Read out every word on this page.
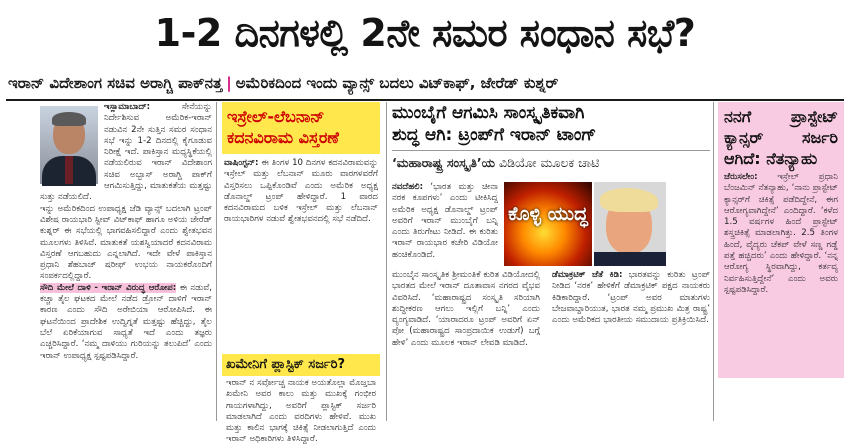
1-2 ದಿನಗಳಲ್ಲಿ 2ನೇ ಸಮರ ಸಂಧಾನ ಸಭೆ?
ಇರಾನ್ ವಿದೇಶಾಂಗ ಸಚಿವ ಅರಾಗ್ಚಿ ಪಾಕ್‌ನತ್ತ | ಅಮೆರಿಕದಿಂದ ಇಂದು ವ್ಯಾನ್ಸ್ ಬದಲು ವಿಟ್‌ಕಾಫ್, ಜೇರೆಡ್ ಕುಶ್ನರ್
ಇಸ್ಲಾಮಾಬಾದ್:	ಸೇನೆಯನ್ನು ನಿರ್ದೇಶಿಸುವ ಅಮೆರಿಕ-ಇರಾನ್ ನಡುವಿನ 2ನೇ ಸುತ್ತಿನ ಸಮರ ಸಂಧಾನ ಸಭೆ ಇನ್ನು 1-2 ದಿನದಲ್ಲಿ ಕೈಗೂಡುವ ನಿರೀಕ್ಷೆ ಇದೆ. ಪಾಕಿಸ್ತಾನ ಮಧ್ಯಸ್ಥಿಕೆಯಲ್ಲಿ ನಡೆಯಲಿರುವ ಇರಾನ್ ವಿದೇಶಾಂಗ ಸಚಿವ ಅಬ್ಬಾಸ್ ಅರಾಗ್ಚಿ ಪಾಕ್‌ಗೆ ಆಗಮಿಸುತ್ತಿದ್ದು, ಮಾತುಕತೆಯ ಮತ್ತಷ್ಟು ಸುತ್ತು ನಡೆಯಲಿದೆ.
ಇನ್ನು ಅಮೆರಿಕದಿಂದ ಉಪಾಧ್ಯಕ್ಷ ಜೆಡಿ ವ್ಯಾನ್ಸ್ ಬದಲಾಗಿ ಟ್ರಂಪ್ ವಿಶೇಷ ರಾಯಭಾರಿ ಸ್ಟೀವ್ ವಿಟ್‌ಕಾಫ್ ಹಾಗೂ ಅಳಿಯ ಜೇರೆಡ್ ಕುಶ್ನರ್ ಈ ಸಭೆಯಲ್ಲಿ ಭಾಗವಹಿಸಲಿದ್ದಾರೆ ಎಂದು ಶ್ವೇತಭವನ ಮೂಲಗಳು ತಿಳಿಸಿವೆ. ಮಾತುಕತೆ ಯಶಸ್ವಿಯಾದರೆ ಕದನವಿರಾಮ ವಿಸ್ತರಣೆ ಆಗಬಹುದು ಎನ್ನಲಾಗಿದೆ. ಇದೇ ವೇಳೆ ಪಾಕಿಸ್ತಾನ ಪ್ರಧಾನಿ ಶೆಹಬಾಜ್ ಷರೀಫ್ ಉಭಯ ನಾಯಕರೊಂದಿಗೆ ಸಂಪರ್ಕದಲ್ಲಿದ್ದಾರೆ.
ಸೌದಿ ಮೇಲೆ ದಾಳಿ - ಇರಾನ್ ವಿರುದ್ಧ ಆರೋಪ: ಈ ನಡುವೆ, ಕಚ್ಚಾ ತೈಲ ಘಟಕದ ಮೇಲೆ ನಡೆದ ಡ್ರೋನ್ ದಾಳಿಗೆ ಇರಾನ್ ಕಾರಣ ಎಂದು ಸೌದಿ ಅರೇಬಿಯಾ ಆರೋಪಿಸಿದೆ. ಈ ಘಟನೆಯಿಂದ ಪ್ರಾದೇಶಿಕ ಉದ್ವಿಗ್ನತೆ ಮತ್ತಷ್ಟು ಹೆಚ್ಚಿದ್ದು, ತೈಲ ಬೆಲೆ ಏರಿಕೆಯಾಗುವ ಸಾಧ್ಯತೆ ಇದೆ ಎಂದು ತಜ್ಞರು ಎಚ್ಚರಿಸಿದ್ದಾರೆ. ‘ನಮ್ಮ ದಾಳಿಯು ಗುರಿಯನ್ನು ತಲುಪಿದೆ’ ಎಂದು ಇರಾನ್ ಉಪಾಧ್ಯಕ್ಷ ಸ್ಪಷ್ಟಪಡಿಸಿದ್ದಾರೆ.
ಇಸ್ರೇಲ್-ಲೆಬನಾನ್ ಕದನವಿರಾಮ ವಿಸ್ತರಣೆ
ವಾಷಿಂಗ್ಟನ್: ಈ ತಿಂಗಳ 10 ದಿನಗಳ ಕದನವಿರಾಮವನ್ನು ಇಸ್ರೇಲ್ ಮತ್ತು ಲೆಬನಾನ್ ಮೂರು ವಾರಗಳವರೆಗೆ ವಿಸ್ತರಿಸಲು ಒಪ್ಪಿಕೊಂಡಿವೆ ಎಂದು ಅಮೆರಿಕ ಅಧ್ಯಕ್ಷ ಡೊನಾಲ್ಡ್ ಟ್ರಂಪ್ ಹೇಳಿದ್ದಾರೆ. 1 ವಾರದ ಕದನವಿರಾಮದ ಬಳಿಕ ಇಸ್ರೇಲ್ ಮತ್ತು ಲೆಬನಾನ್ ರಾಯಭಾರಿಗಳ ನಡುವೆ ಶ್ವೇತಭವನದಲ್ಲಿ ಸಭೆ ನಡೆದಿದೆ.
ಖಮೇನಿಗೆ ಪ್ಲಾಸ್ಟಿಕ್ ಸರ್ಜರಿ?
ಇರಾನ್ ನ ಸರ್ವೋಚ್ಚ ನಾಯಕ ಅಯತೊಲ್ಲಾ ಮೊಜ್ತಬಾ ಖಮೇನಿ ಅವರ ಕಾಲು ಮತ್ತು ಮುಖಕ್ಕೆ ಗಂಭೀರ ಗಾಯಗಳಾಗಿದ್ದು, ಅವರಿಗೆ ಪ್ಲಾಸ್ಟಿಕ್ ಸರ್ಜರಿ ಮಾಡಲಾಗಿದೆ ಎಂದು ವರದಿಗಳು ಹೇಳಿವೆ. ಮುಖ ಮತ್ತು ಕಾಲಿನ ಭಾಗಕ್ಕೆ ಚಿಕಿತ್ಸೆ ನೀಡಲಾಗುತ್ತಿದೆ ಎಂದು ಇರಾನ್ ಅಧಿಕಾರಿಗಳು ತಿಳಿಸಿದ್ದಾರೆ.
ಮುಂಬೈಗೆ ಆಗಮಿಸಿ ಸಾಂಸ್ಕೃತಿಕವಾಗಿ
ಶುದ್ಧ ಆಗಿ: ಟ್ರಂಪ್‌ಗೆ ಇರಾನ್ ಟಾಂಗ್
‘ಮಹಾರಾಷ್ಟ್ರ ಸಂಸ್ಕೃತಿ’ಯ ವಿಡಿಯೋ ಮೂಲಕ ಚಾಟಿ
ನವದೆಹಲಿ: ‘ಭಾರತ ಮತ್ತು ಚೀನಾ ನರಕ ಕೂಪಗಳು’ ಎಂದು ಟೀಕಿಸಿದ್ದ ಅಮೆರಿಕ ಅಧ್ಯಕ್ಷ ಡೊನಾಲ್ಡ್ ಟ್ರಂಪ್ ಅವರಿಗೆ ಇರಾನ್ ಮುಂಬೈಗೆ ಬನ್ನಿ ಎಂದು ತಿರುಗೇಟು ನೀಡಿದೆ. ಈ ಕುರಿತು ಇರಾನ್ ರಾಯಭಾರ ಕಚೇರಿ ವಿಡಿಯೋ ಹಂಚಿಕೊಂಡಿದೆ.
ಕೊಳ್ಳಿ ಯುದ್ಧ
ಮುಂಬೈನ ಸಾಂಸ್ಕೃತಿಕ ಶ್ರೀಮಂತಿಕೆ ಕುರಿತ ವಿಡಿಯೋದಲ್ಲಿ ಭಾರತದ ಮೇಲೆ ಇರಾನ್ ದೂತಾವಾಸ ನಗರದ ವೈಭವ ವಿವರಿಸಿದೆ. ‘ಮಹಾರಾಷ್ಟ್ರದ ಸಂಸ್ಕೃತಿ ಸರಿಯಾಗಿ ಶುದ್ಧೀಕರಣ ಆಗಲು ಇಲ್ಲಿಗೆ ಬನ್ನಿ’ ಎಂದು ವ್ಯಂಗ್ಯವಾಡಿದೆ. ‘ಯಾರಾದರೂ ಟ್ರಂಪ್ ಅವರಿಗೆ ಏನ್ ಪೋ (ಮಹಾರಾಷ್ಟ್ರದ ಸಾಂಪ್ರದಾಯಿಕ ಉಡುಗೆ) ಬಗ್ಗೆ ಹೇಳಿ’ ಎಂದು ಮೂಲಕ ಇರಾನ್ ಲೇವಡಿ ಮಾಡಿದೆ.
ಡೆಮಾಕ್ರಟಿಕ್ ಜೆತೆ ಕಿಡಿ: ಭಾರತವನ್ನು ಕುರಿತು ಟ್ರಂಪ್ ನೀಡಿದ ‘ನರಕ’ ಹೇಳಿಕೆಗೆ ಡೆಮಾಕ್ರಟಿಕ್ ಪಕ್ಷದ ನಾಯಕರು ಕಿಡಿಕಾರಿದ್ದಾರೆ. ‘ಟ್ರಂಪ್ ಅವರ ಮಾತುಗಳು ಬೇಜವಾಬ್ದಾರಿಯುತ, ಭಾರತ ನಮ್ಮ ಪ್ರಮುಖ ಮಿತ್ರ ರಾಷ್ಟ್ರ’ ಎಂದು ಅಮೆರಿಕದ ಭಾರತೀಯ ಸಮುದಾಯ ಪ್ರತಿಕ್ರಿಯಿಸಿದೆ.
ನನಗೆ ಪ್ರಾಸ್ಟೇಟ್ ಕ್ಯಾನ್ಸರ್ ಸರ್ಜರಿ ಆಗಿದೆ: ನೆತನ್ಯಾಹು
ಜೆರುಸಲೇಂ: ಇಸ್ರೇಲ್ ಪ್ರಧಾನಿ ಬೆಂಜಮಿನ್ ನೆತನ್ಯಾಹು, ‘ನಾನು ಪ್ರಾಸ್ಟೇಟ್ ಕ್ಯಾನ್ಸರ್‌ಗೆ ಚಿಕಿತ್ಸೆ ಪಡೆದಿದ್ದೇನೆ, ಈಗ ಆರೋಗ್ಯವಾಗಿದ್ದೇನೆ’ ಎಂದಿದ್ದಾರೆ. ‘ಕಳೆದ 1.5 ವರ್ಷಗಳ ಹಿಂದೆ ಪ್ರಾಸ್ಟೇಟ್ ಶಸ್ತ್ರಚಿಕಿತ್ಸೆ ಮಾಡಲಾಗಿತ್ತು. 2.5 ತಿಂಗಳ ಹಿಂದೆ, ವೈದ್ಯರು ಚೆಕಪ್ ವೇಳೆ ಸಣ್ಣ ಗಡ್ಡೆ ಪತ್ತೆ ಹಚ್ಚಿದರು’ ಎಂದು ಹೇಳಿದ್ದಾರೆ. ‘ನನ್ನ ಆರೋಗ್ಯ ಸ್ಥಿರವಾಗಿದ್ದು, ಕರ್ತವ್ಯ ನಿರ್ವಹಿಸುತ್ತಿದ್ದೇನೆ’ ಎಂದು ಅವರು ಸ್ಪಷ್ಟಪಡಿಸಿದ್ದಾರೆ.
